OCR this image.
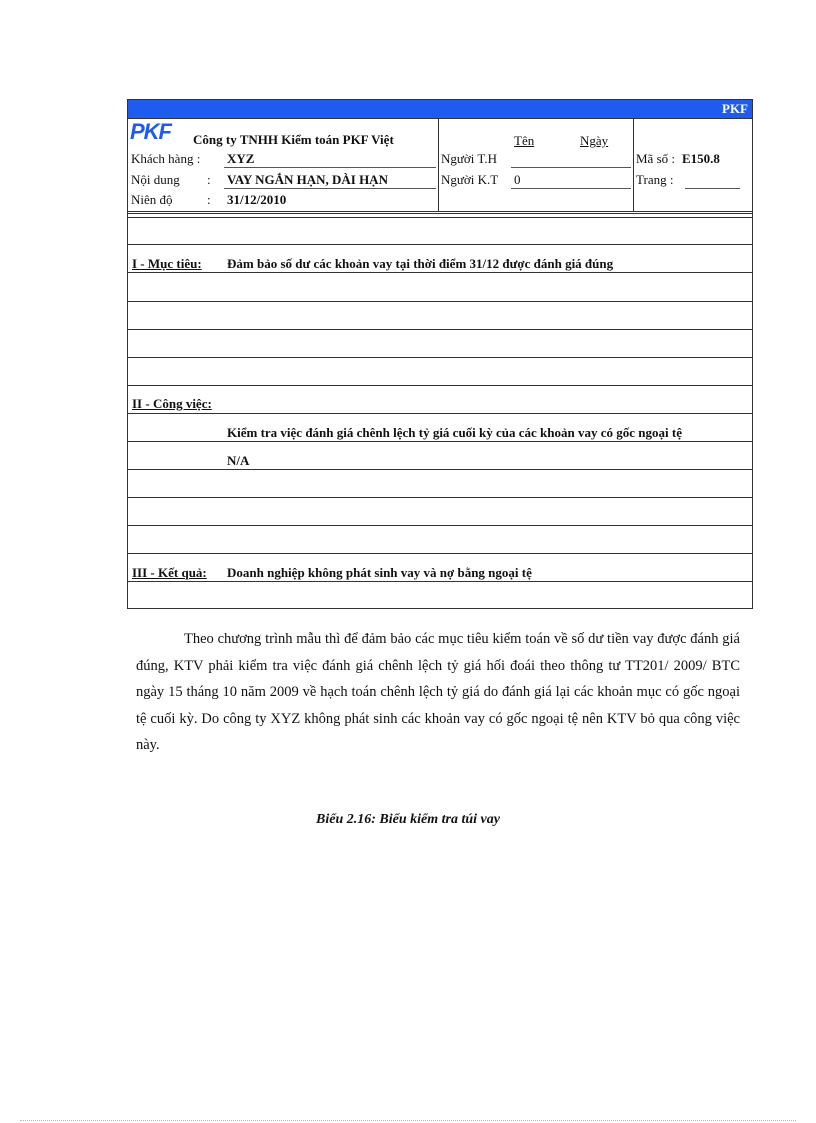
PKF
PKF Công ty TNHH Kiểm toán PKF Việt
Khách hàng : XYZ
Nội dung : VAY NGẮN HẠN, DÀI HẠN
Niên độ	: 31/12/2010
Tên	Ngày
Người T.H
Người K.T 0
Mã số : E150.8
Trang :
I - Mục tiêu: Đảm bảo số dư các khoản vay tại thời điểm 31/12 được đánh giá đúng
II - Công việc:
Kiểm tra việc đánh giá chênh lệch tỷ giá cuối kỳ của các khoản vay có gốc ngoại tệ
N/A
III - Kết quả: Doanh nghiệp không phát sinh vay và nợ bằng ngoại tệ

Theo chương trình mẫu thì để đảm bảo các mục tiêu kiểm toán về số dư tiền vay được đánh giá đúng, KTV phải kiểm tra việc đánh giá chênh lệch tỷ giá hối đoái theo thông tư TT201/ 2009/ BTC ngày 15 tháng 10 năm 2009 về hạch toán chênh lệch tỷ giá do đánh giá lại các khoản mục có gốc ngoại tệ cuối kỳ. Do công ty XYZ không phát sinh các khoản vay có gốc ngoại tệ nên KTV bỏ qua công việc này.

Biểu 2.16: Biểu kiểm tra túi vay
